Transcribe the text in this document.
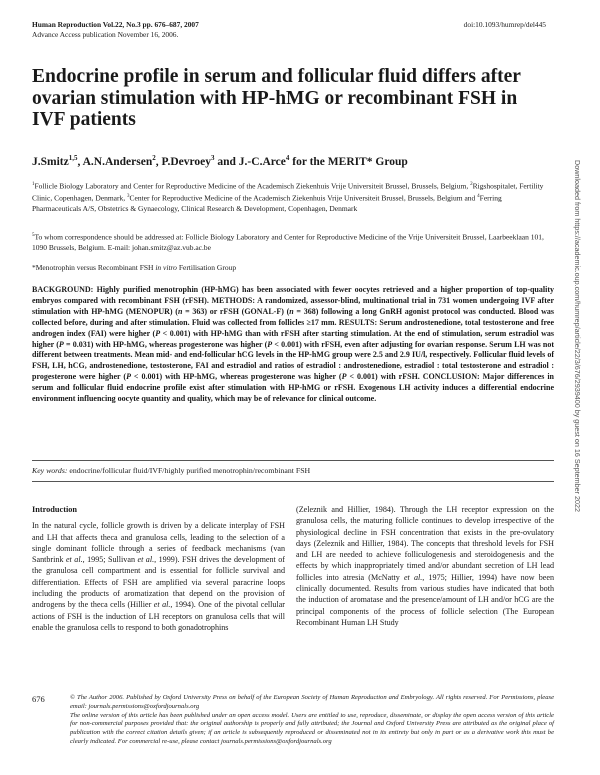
Human Reproduction Vol.22, No.3 pp. 676–687, 2007
Advance Access publication November 16, 2006.
doi:10.1093/humrep/del445
Endocrine profile in serum and follicular fluid differs after ovarian stimulation with HP-hMG or recombinant FSH in IVF patients
J.Smitz$^{1,5}$, A.N.Andersen$^2$, P.Devroey$^3$ and J.-C.Arce$^4$ for the MERIT* Group
$^1$Follicle Biology Laboratory and Center for Reproductive Medicine of the Academisch Ziekenhuis Vrije Universiteit Brussel, Brussels, Belgium, $^2$Rigshospitalet, Fertility Clinic, Copenhagen, Denmark, $^3$Center for Reproductive Medicine of the Academisch Ziekenhuis Vrije Universiteit Brussel, Brussels, Belgium and $^4$Ferring Pharmaceuticals A/S, Obstetrics & Gynaecology, Clinical Research & Development, Copenhagen, Denmark
$^5$To whom correspondence should be addressed at: Follicle Biology Laboratory and Center for Reproductive Medicine of the Vrije Universiteit Brussel, Laarbeeklaan 101, 1090 Brussels, Belgium. E-mail: johan.smitz@az.vub.ac.be
*Menotrophin versus Recombinant FSH in vitro Fertilisation Group
BACKGROUND: Highly purified menotrophin (HP-hMG) has been associated with fewer oocytes retrieved and a higher proportion of top-quality embryos compared with recombinant FSH (rFSH). METHODS: A randomized, assessor-blind, multinational trial in 731 women undergoing IVF after stimulation with HP-hMG (MENOPUR) (n = 363) or rFSH (GONAL-F) (n = 368) following a long GnRH agonist protocol was conducted. Blood was collected before, during and after stimulation. Fluid was collected from follicles ≥17 mm. RESULTS: Serum androstenedione, total testosterone and free androgen index (FAI) were higher (P < 0.001) with HP-hMG than with rFSH after starting stimulation. At the end of stimulation, serum estradiol was higher (P = 0.031) with HP-hMG, whereas progesterone was higher (P < 0.001) with rFSH, even after adjusting for ovarian response. Serum LH was not different between treatments. Mean mid- and end-follicular hCG levels in the HP-hMG group were 2.5 and 2.9 IU/l, respectively. Follicular fluid levels of FSH, LH, hCG, androstenedione, testosterone, FAI and estradiol and ratios of estradiol : androstenedione, estradiol : total testosterone and estradiol : progesterone were higher (P < 0.001) with HP-hMG, whereas progesterone was higher (P < 0.001) with rFSH. CONCLUSION: Major differences in serum and follicular fluid endocrine profile exist after stimulation with HP-hMG or rFSH. Exogenous LH activity induces a differential endocrine environment influencing oocyte quantity and quality, which may be of relevance for clinical outcome.
Key words: endocrine/follicular fluid/IVF/highly purified menotrophin/recombinant FSH
Introduction
In the natural cycle, follicle growth is driven by a delicate interplay of FSH and LH that affects theca and granulosa cells, leading to the selection of a single dominant follicle through a series of feedback mechanisms (van Santbrink et al., 1995; Sullivan et al., 1999). FSH drives the development of the granulosa cell compartment and is essential for follicle survival and differentiation. Effects of FSH are amplified via several paracrine loops including the products of aromatization that depend on the provision of androgens by the theca cells (Hillier et al., 1994). One of the pivotal cellular actions of FSH is the induction of LH receptors on granulosa cells that will enable the granulosa cells to respond to both gonadotrophins
(Zeleznik and Hillier, 1984). Through the LH receptor expression on the granulosa cells, the maturing follicle continues to develop irrespective of the physiological decline in FSH concentration that exists in the pre-ovulatory days (Zeleznik and Hillier, 1984). The concepts that threshold levels for FSH and LH are needed to achieve folliculogenesis and steroidogenesis and the effects by which inappropriately timed and/or abundant secretion of LH lead follicles into atresia (McNatty et al., 1975; Hillier, 1994) have now been clinically documented. Results from various studies have indicated that both the induction of aromatase and the presence/amount of LH and/or hCG are the principal components of the process of follicle selection (The European Recombinant Human LH Study
676	© The Author 2006. Published by Oxford University Press on behalf of the European Society of Human Reproduction and Embryology. All rights reserved. For Permissions, please email: journals.permissions@oxfordjournals.org
The online version of this article has been published under an open access model. Users are entitled to use, reproduce, disseminate, or display the open access version of this article for non-commercial purposes provided that: the original authorship is properly and fully attributed; the Journal and Oxford University Press are attributed as the original place of publication with the correct citation details given; if an article is subsequently reproduced or disseminated not in its entirety but only in part or as a derivative work this must be clearly indicated. For commercial re-use, please contact journals.permissions@oxfordjournals.org
Downloaded from https://academic.oup.com/humrep/article/22/3/676/2939400 by guest on 16 September 2022
